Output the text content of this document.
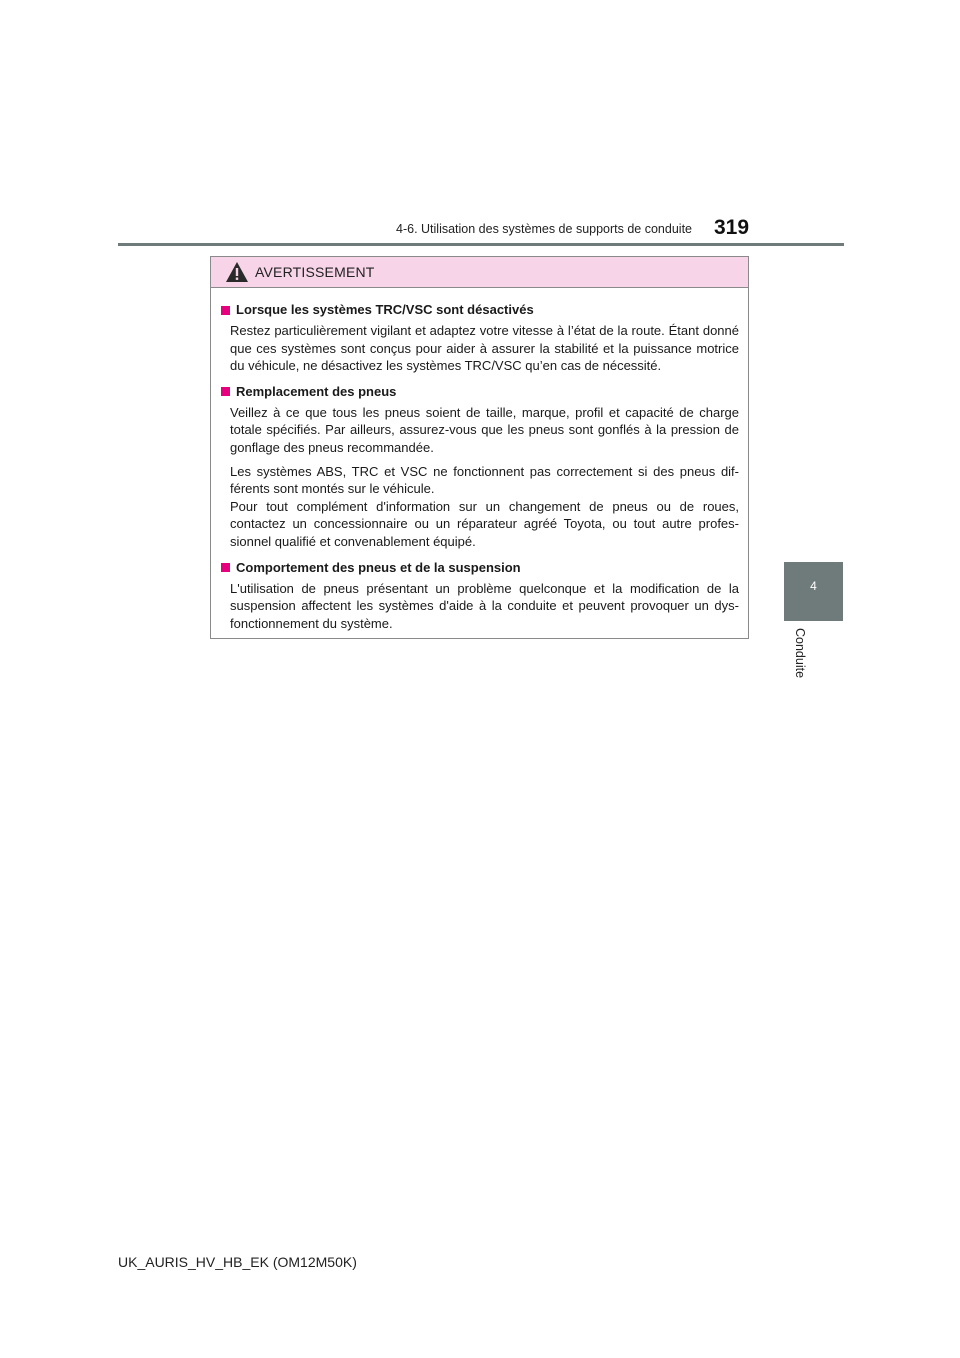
4-6. Utilisation des systèmes de supports de conduite 319
4
Conduite
AVERTISSEMENT
Lorsque les systèmes TRC/VSC sont désactivés
Restez particulièrement vigilant et adaptez votre vitesse à l’état de la route. Étant donné que ces systèmes sont conçus pour aider à assurer la stabilité et la puissance motrice du véhicule, ne désactivez les systèmes TRC/VSC qu’en cas de nécessité.
Remplacement des pneus
Veillez à ce que tous les pneus soient de taille, marque, profil et capacité de charge totale spécifiés. Par ailleurs, assurez-vous que les pneus sont gonflés à la pression de gonflage des pneus recommandée.
Les systèmes ABS, TRC et VSC ne fonctionnent pas correctement si des pneus dif-férents sont montés sur le véhicule.
Pour tout complément d'information sur un changement de pneus ou de roues, contactez un concessionnaire ou un réparateur agréé Toyota, ou tout autre profes-sionnel qualifié et convenablement équipé.
Comportement des pneus et de la suspension
L'utilisation de pneus présentant un problème quelconque et la modification de la suspension affectent les systèmes d'aide à la conduite et peuvent provoquer un dys-fonctionnement du système.
UK_AURIS_HV_HB_EK (OM12M50K)
